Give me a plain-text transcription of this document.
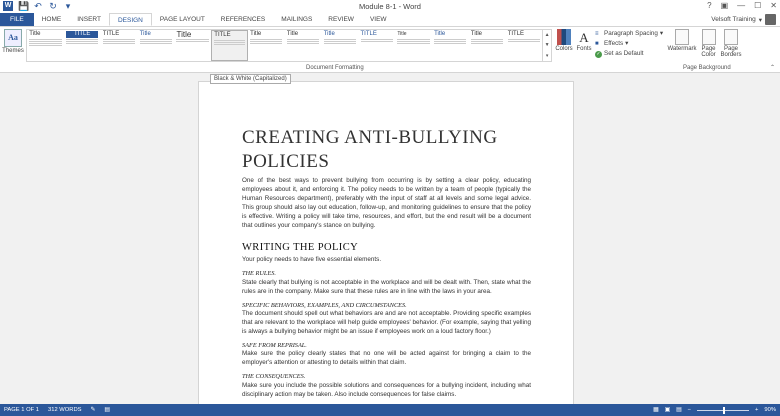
W 💾 ↶ ↻ ▾	Module 8-1 - Word	? ▣ — ☐ ✕
FILE	HOME	INSERT	DESIGN	PAGE LAYOUT	REFERENCES	MAILINGS	REVIEW	VIEW	Velsoft Training ▾
Aa
Themes
Title	TITLE	TITLE	Title	Title	TITLE	Title	Title	Title	TITLE	Title	Title	Title	TITLE	▲
▼
▾
Document Formatting
Colors
A
Fonts
≡ Paragraph Spacing ▾
■ Effects ▾
✓ Set as Default
Watermark Page Color
Page Borders
Page Background	⌃
CREATING ANTI-BULLYING POLICIES
One of the best ways to prevent bullying from occurring is by setting a clear policy, educating employees about it, and enforcing it. The policy needs to be written by a team of people (typically the Human Resources department), preferably with the input of staff at all levels and some legal advice. This group should also lay out education, follow-up, and monitoring guidelines to ensure that the policy is effective. Writing a policy will take time, resources, and effort, but the end result will be a document that outlines your company's stance on bullying.
WRITING THE POLICY
Your policy needs to have five essential elements.
THE RULES.
State clearly that bullying is not acceptable in the workplace and will be dealt with. Then, state what the rules are in the company. Make sure that these rules are in line with the laws in your area.
SPECIFIC BEHAVIORS, EXAMPLES, AND CIRCUMSTANCES.
The document should spell out what behaviors are and are not acceptable. Providing specific examples that are relevant to the workplace will help guide employees' behavior. (For example, saying that yelling is always a bullying behavior might be an issue if employees work on a loud factory floor.)
SAFE FROM REPRISAL.
Make sure the policy clearly states that no one will be acted against for bringing a claim to the employer's attention or attesting to details within that claim.
THE CONSEQUENCES.
Make sure you include the possible solutions and consequences for a bullying incident, including what disciplinary action may be taken. Also include consequences for false claims.
Black & White (Capitalized)
PAGE 1 OF 1 312 WORDS ✎ ▤	▦ ▣ ▤ −	+ 90%
